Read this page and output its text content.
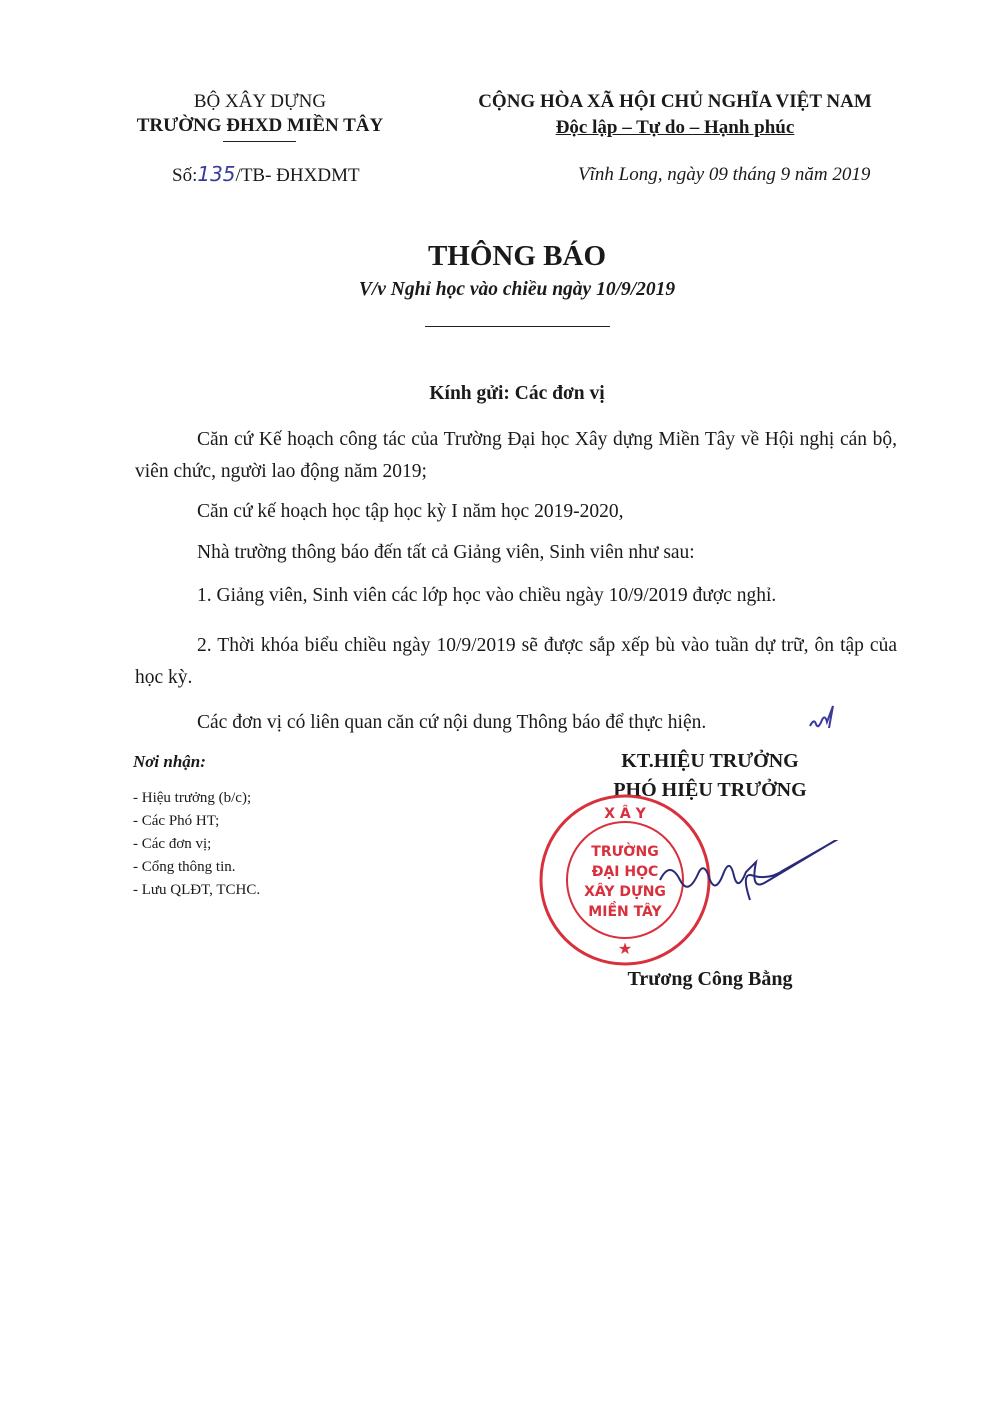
BỘ XÂY DỰNG
TRƯỜNG ĐHXD MIỀN TÂY
CỘNG HÒA XÃ HỘI CHỦ NGHĨA VIỆT NAM
Độc lập – Tự do – Hạnh phúc
Số:135/TB- ĐHXDMT	Vĩnh Long, ngày 09 tháng 9 năm 2019
THÔNG BÁO
V/v Nghỉ học vào chiều ngày 10/9/2019
Kính gửi: Các đơn vị
Căn cứ Kế hoạch công tác của Trường Đại học Xây dựng Miền Tây về Hội nghị cán bộ, viên chức, người lao động năm 2019;
Căn cứ kế hoạch học tập học kỳ I năm học 2019-2020,
Nhà trường thông báo đến tất cả Giảng viên, Sinh viên như sau:
1. Giảng viên, Sinh viên các lớp học vào chiều ngày 10/9/2019 được nghỉ.
2. Thời khóa biểu chiều ngày 10/9/2019 sẽ được sắp xếp bù vào tuần dự trữ, ôn tập của học kỳ.
Các đơn vị có liên quan căn cứ nội dung Thông báo để thực hiện.
Nơi nhận:
- Hiệu trưởng (b/c);
- Các Phó HT;
- Các đơn vị;
- Cổng thông tin.
- Lưu QLĐT, TCHC.
KT.HIỆU TRƯỞNG
PHÓ HIỆU TRƯỞNG
X Â Y
TRƯỜNG
ĐẠI HỌC
XÂY DỰNG
MIỀN TÂY
★
Trương Công Bằng
